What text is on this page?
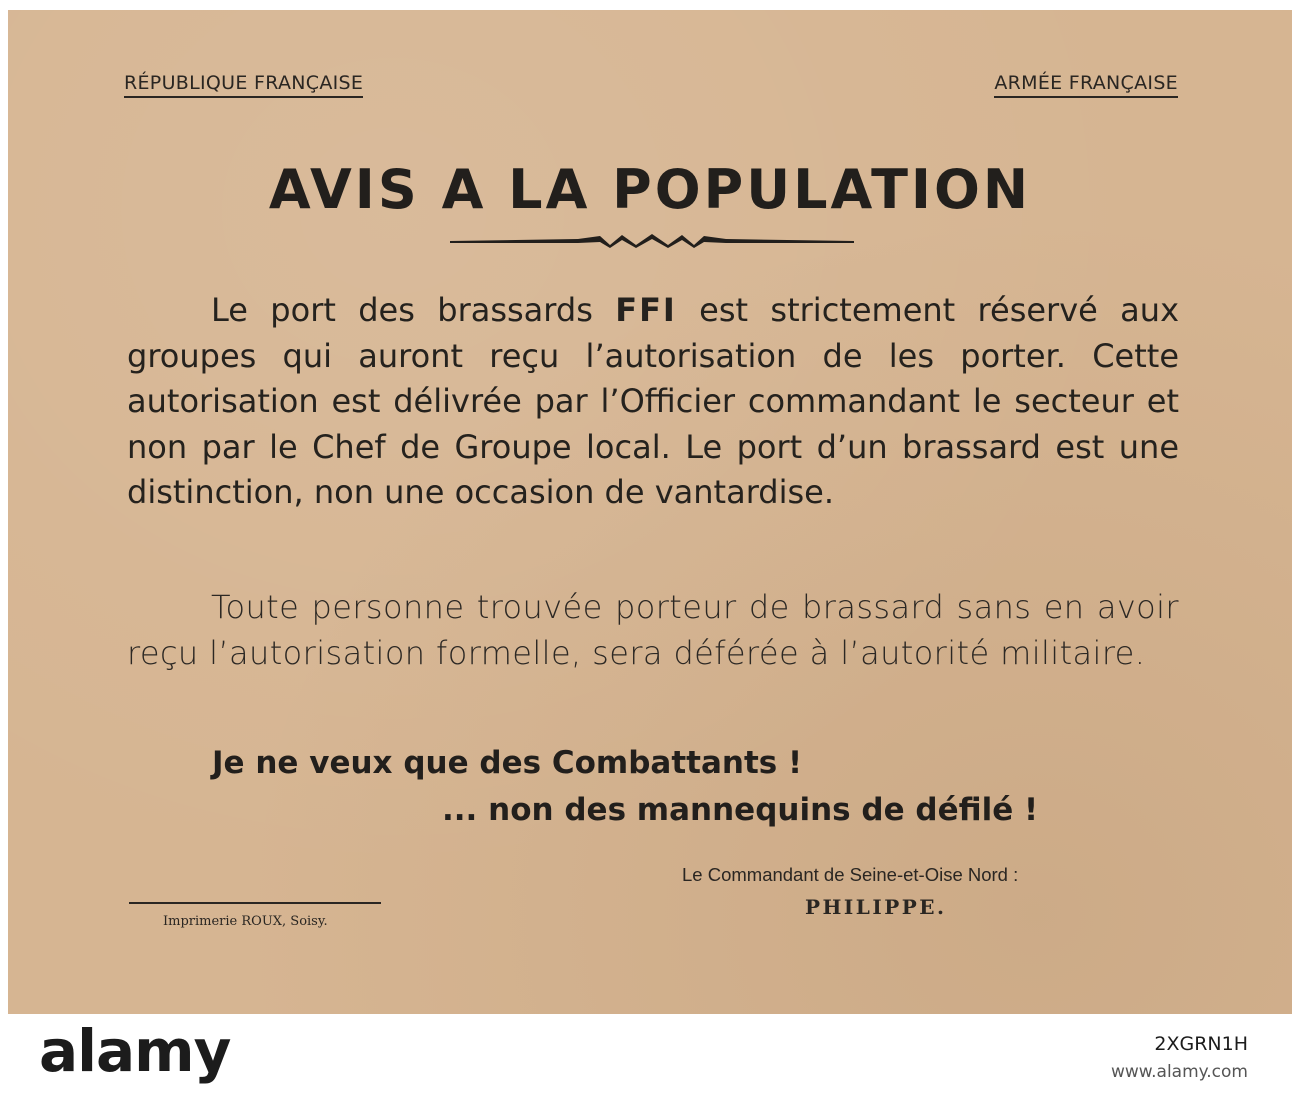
RÉPUBLIQUE FRANÇAISE	ARMÉE FRANÇAISE
AVIS A LA POPULATION

Le port des brassards FFI est strictement réservé aux groupes qui auront reçu l’autorisation de les porter. Cette autorisation est délivrée par l’Officier commandant le secteur et non par le Chef de Groupe local. Le port d’un brassard est une distinction, non une occasion de vantardise.

Toute personne trouvée porteur de brassard sans en avoir reçu l’autorisation formelle, sera déférée à l’autorité militaire.

Je ne veux que des Combattants !
... non des mannequins de défilé !
Imprimerie ROUX, Soisy.
Le Commandant de Seine-et-Oise Nord :
PHILIPPE.
alamy	2XGRN1H
www.alamy.com
